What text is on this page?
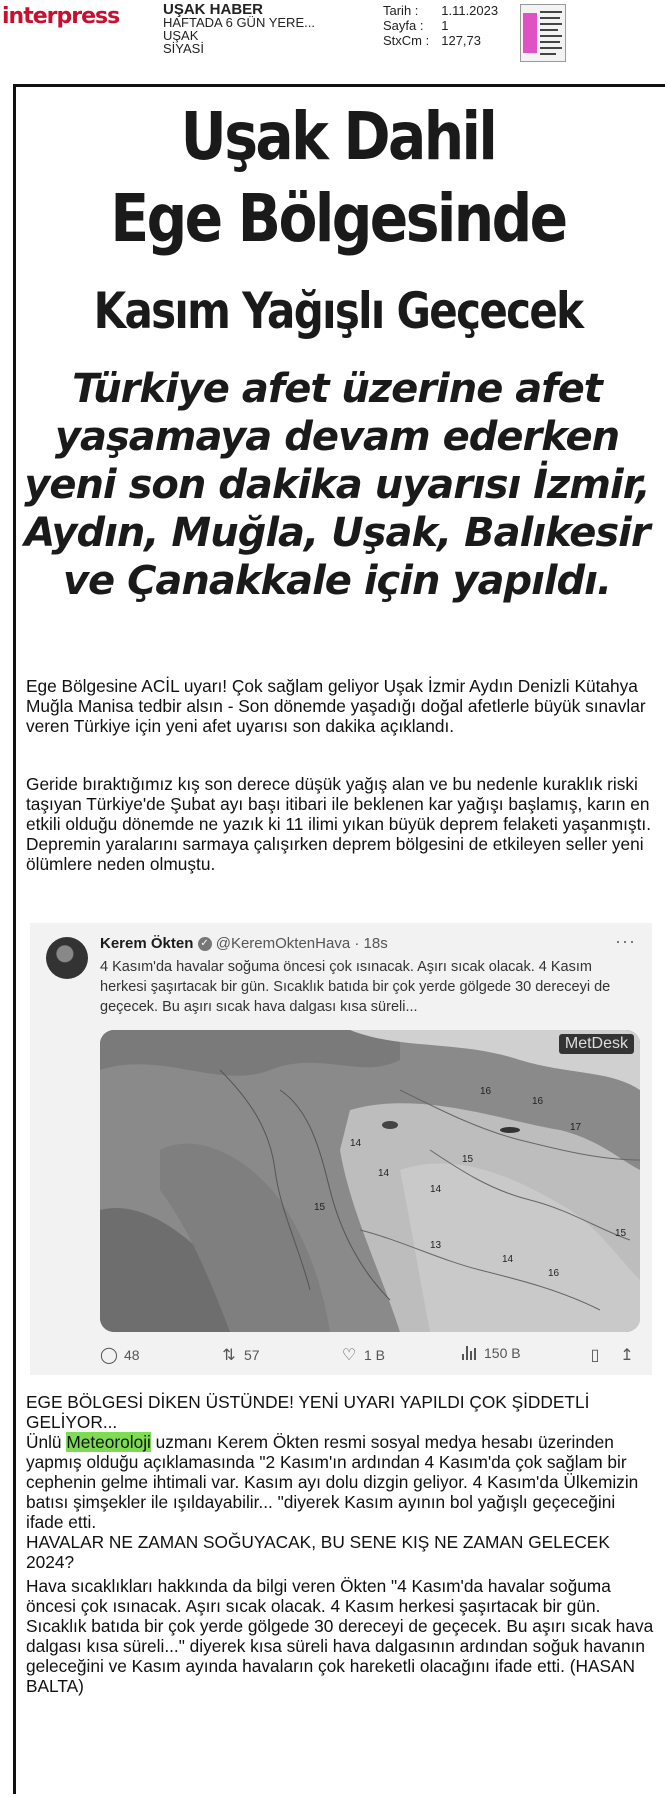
interpress	UŞAK HABER
HAFTADA 6 GÜN YERE...
UŞAK
SİYASİ
Tarih :	1.11.2023
Sayfa :	1
StxCm :	127,73
Uşak Dahil
Ege Bölgesinde
Kasım Yağışlı Geçecek
Türkiye afet üzerine afet yaşamaya devam ederken yeni son dakika uyarısı İzmir, Aydın, Muğla, Uşak, Balıkesir ve Çanakkale için yapıldı.

Ege Bölgesine ACİL uyarı! Çok sağlam geliyor Uşak İzmir Aydın Denizli Kütahya Muğla Manisa tedbir alsın - Son dönemde yaşadığı doğal afetlerle büyük sınavlar veren Türkiye için yeni afet uyarısı son dakika açıklandı.

Geride bıraktığımız kış son derece düşük yağış alan ve bu nedenle kuraklık riski taşıyan Türkiye'de Şubat ayı başı itibari ile beklenen kar yağışı başlamış, karın en etkili olduğu dönemde ne yazık ki 11 ilimi yıkan büyük deprem felaketi yaşanmıştı. Depremin yaralarını sarmaya çalışırken deprem bölgesini de etkileyen seller yeni ölümlere neden olmuştu.

Kerem Ökten ✓ @KeremOktenHava · 18s	···
4 Kasım'da havalar soğuma öncesi çok ısınacak. Aşırı sıcak olacak. 4 Kasım herkesi şaşırtacak bir gün. Sıcaklık batıda bir çok yerde gölgede 30 dereceyi de geçecek. Bu aşırı sıcak hava dalgası kısa süreli...
MetDesk
16
16
17
14
15
14
14
15
13
14
16
15
◯ 48	⇅ 57	♡ 1 B	150 B	▯ ↥

EGE BÖLGESİ DİKEN ÜSTÜNDE! YENİ UYARI YAPILDI ÇOK ŞİDDETLİ GELİYOR...

Ünlü Meteoroloji uzmanı Kerem Ökten resmi sosyal medya hesabı üzerinden yapmış olduğu açıklamasında "2 Kasım'ın ardından 4 Kasım'da çok sağlam bir cephenin gelme ihtimali var. Kasım ayı dolu dizgin geliyor. 4 Kasım'da Ülkemizin batısı şimşekler ile ışıldayabilir... "diyerek Kasım ayının bol yağışlı geçeceğini ifade etti.

HAVALAR NE ZAMAN SOĞUYACAK, BU SENE KIŞ NE ZAMAN GELECEK 2024?

Hava sıcaklıkları hakkında da bilgi veren Ökten "4 Kasım'da havalar soğuma öncesi çok ısınacak. Aşırı sıcak olacak. 4 Kasım herkesi şaşırtacak bir gün. Sıcaklık batıda bir çok yerde gölgede 30 dereceyi de geçecek. Bu aşırı sıcak hava dalgası kısa süreli..." diyerek kısa süreli hava dalgasının ardından soğuk havanın geleceğini ve Kasım ayında havaların çok hareketli olacağını ifade etti. (HASAN BALTA)
